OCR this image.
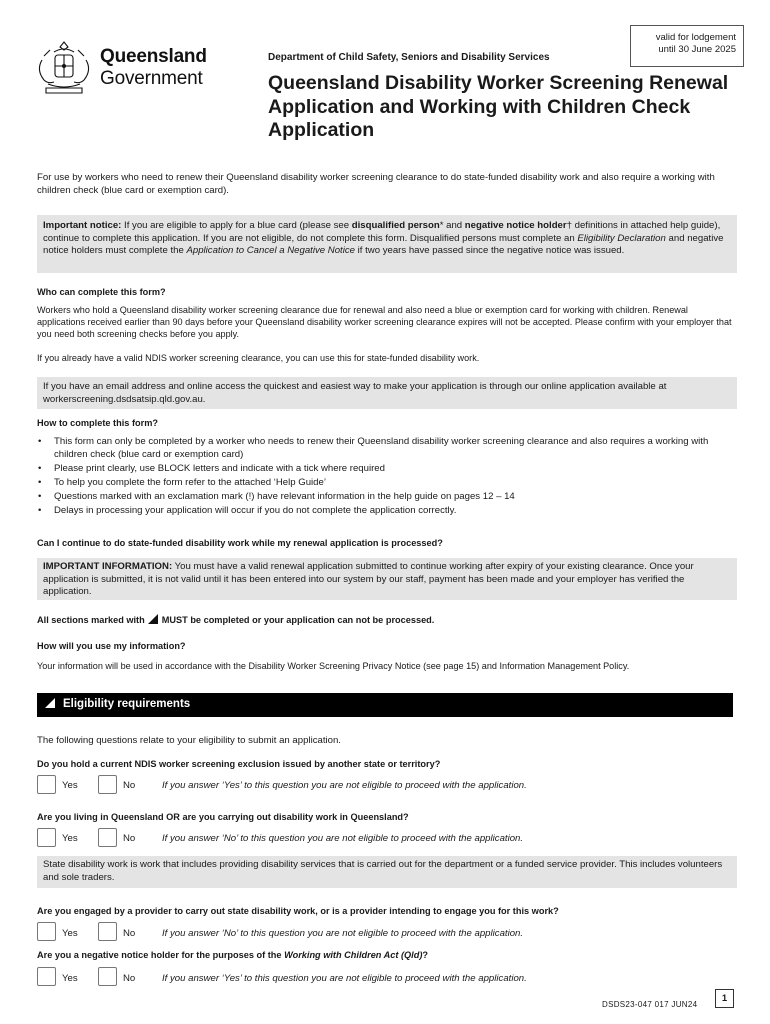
Queensland
Government
Department of Child Safety, Seniors and Disability Services
valid for lodgement
until 30 June 2025
Queensland Disability Worker Screening Renewal Application and Working with Children Check Application
For use by workers who need to renew their Queensland disability worker screening clearance to do state-funded disability work and also require a working with children check (blue card or exemption card).
Important notice: If you are eligible to apply for a blue card (please see disqualified person* and negative notice holder† definitions in attached help guide), continue to complete this application. If you are not eligible, do not complete this form. Disqualified persons must complete an Eligibility Declaration and negative notice holders must complete the Application to Cancel a Negative Notice if two years have passed since the negative notice was issued.
Who can complete this form?
Workers who hold a Queensland disability worker screening clearance due for renewal and also need a blue or exemption card for working with children. Renewal applications received earlier than 90 days before your Queensland disability worker screening clearance expires will not be accepted. Please confirm with your employer that you need both screening checks before you apply.
If you already have a valid NDIS worker screening clearance, you can use this for state-funded disability work.
If you have an email address and online access the quickest and easiest way to make your application is through our online application available at workerscreening.dsdsatsip.qld.gov.au.
How to complete this form?
• This form can only be completed by a worker who needs to renew their Queensland disability worker screening clearance and also requires a working with children check (blue card or exemption card)
• Please print clearly, use BLOCK letters and indicate with a tick where required
• To help you complete the form refer to the attached ‘Help Guide’
• Questions marked with an exclamation mark (!) have relevant information in the help guide on pages 12 – 14
• Delays in processing your application will occur if you do not complete the application correctly.
Can I continue to do state-funded disability work while my renewal application is processed?
IMPORTANT INFORMATION: You must have a valid renewal application submitted to continue working after expiry of your existing clearance. Once your application is submitted, it is not valid until it has been entered into our system by our staff, payment has been made and your employer has verified the application.
All sections marked with MUST be completed or your application can not be processed.
How will you use my information?
Your information will be used in accordance with the Disability Worker Screening Privacy Notice (see page 15) and Information Management Policy.
Eligibility requirements
The following questions relate to your eligibility to submit an application.
Do you hold a current NDIS worker screening exclusion issued by another state or territory?
Yes	No	If you answer ‘Yes’ to this question you are not eligible to proceed with the application.
Are you living in Queensland OR are you carrying out disability work in Queensland?
Yes	No	If you answer ‘No’ to this question you are not eligible to proceed with the application.
State disability work is work that includes providing disability services that is carried out for the department or a funded service provider. This includes volunteers and sole traders.
Are you engaged by a provider to carry out state disability work, or is a provider intending to engage you for this work?
Yes	No	If you answer ‘No’ to this question you are not eligible to proceed with the application.
Are you a negative notice holder for the purposes of the Working with Children Act (Qld)?
Yes	No	If you answer ‘Yes’ to this question you are not eligible to proceed with the application.
DSDS23-047 017 JUN24
1
